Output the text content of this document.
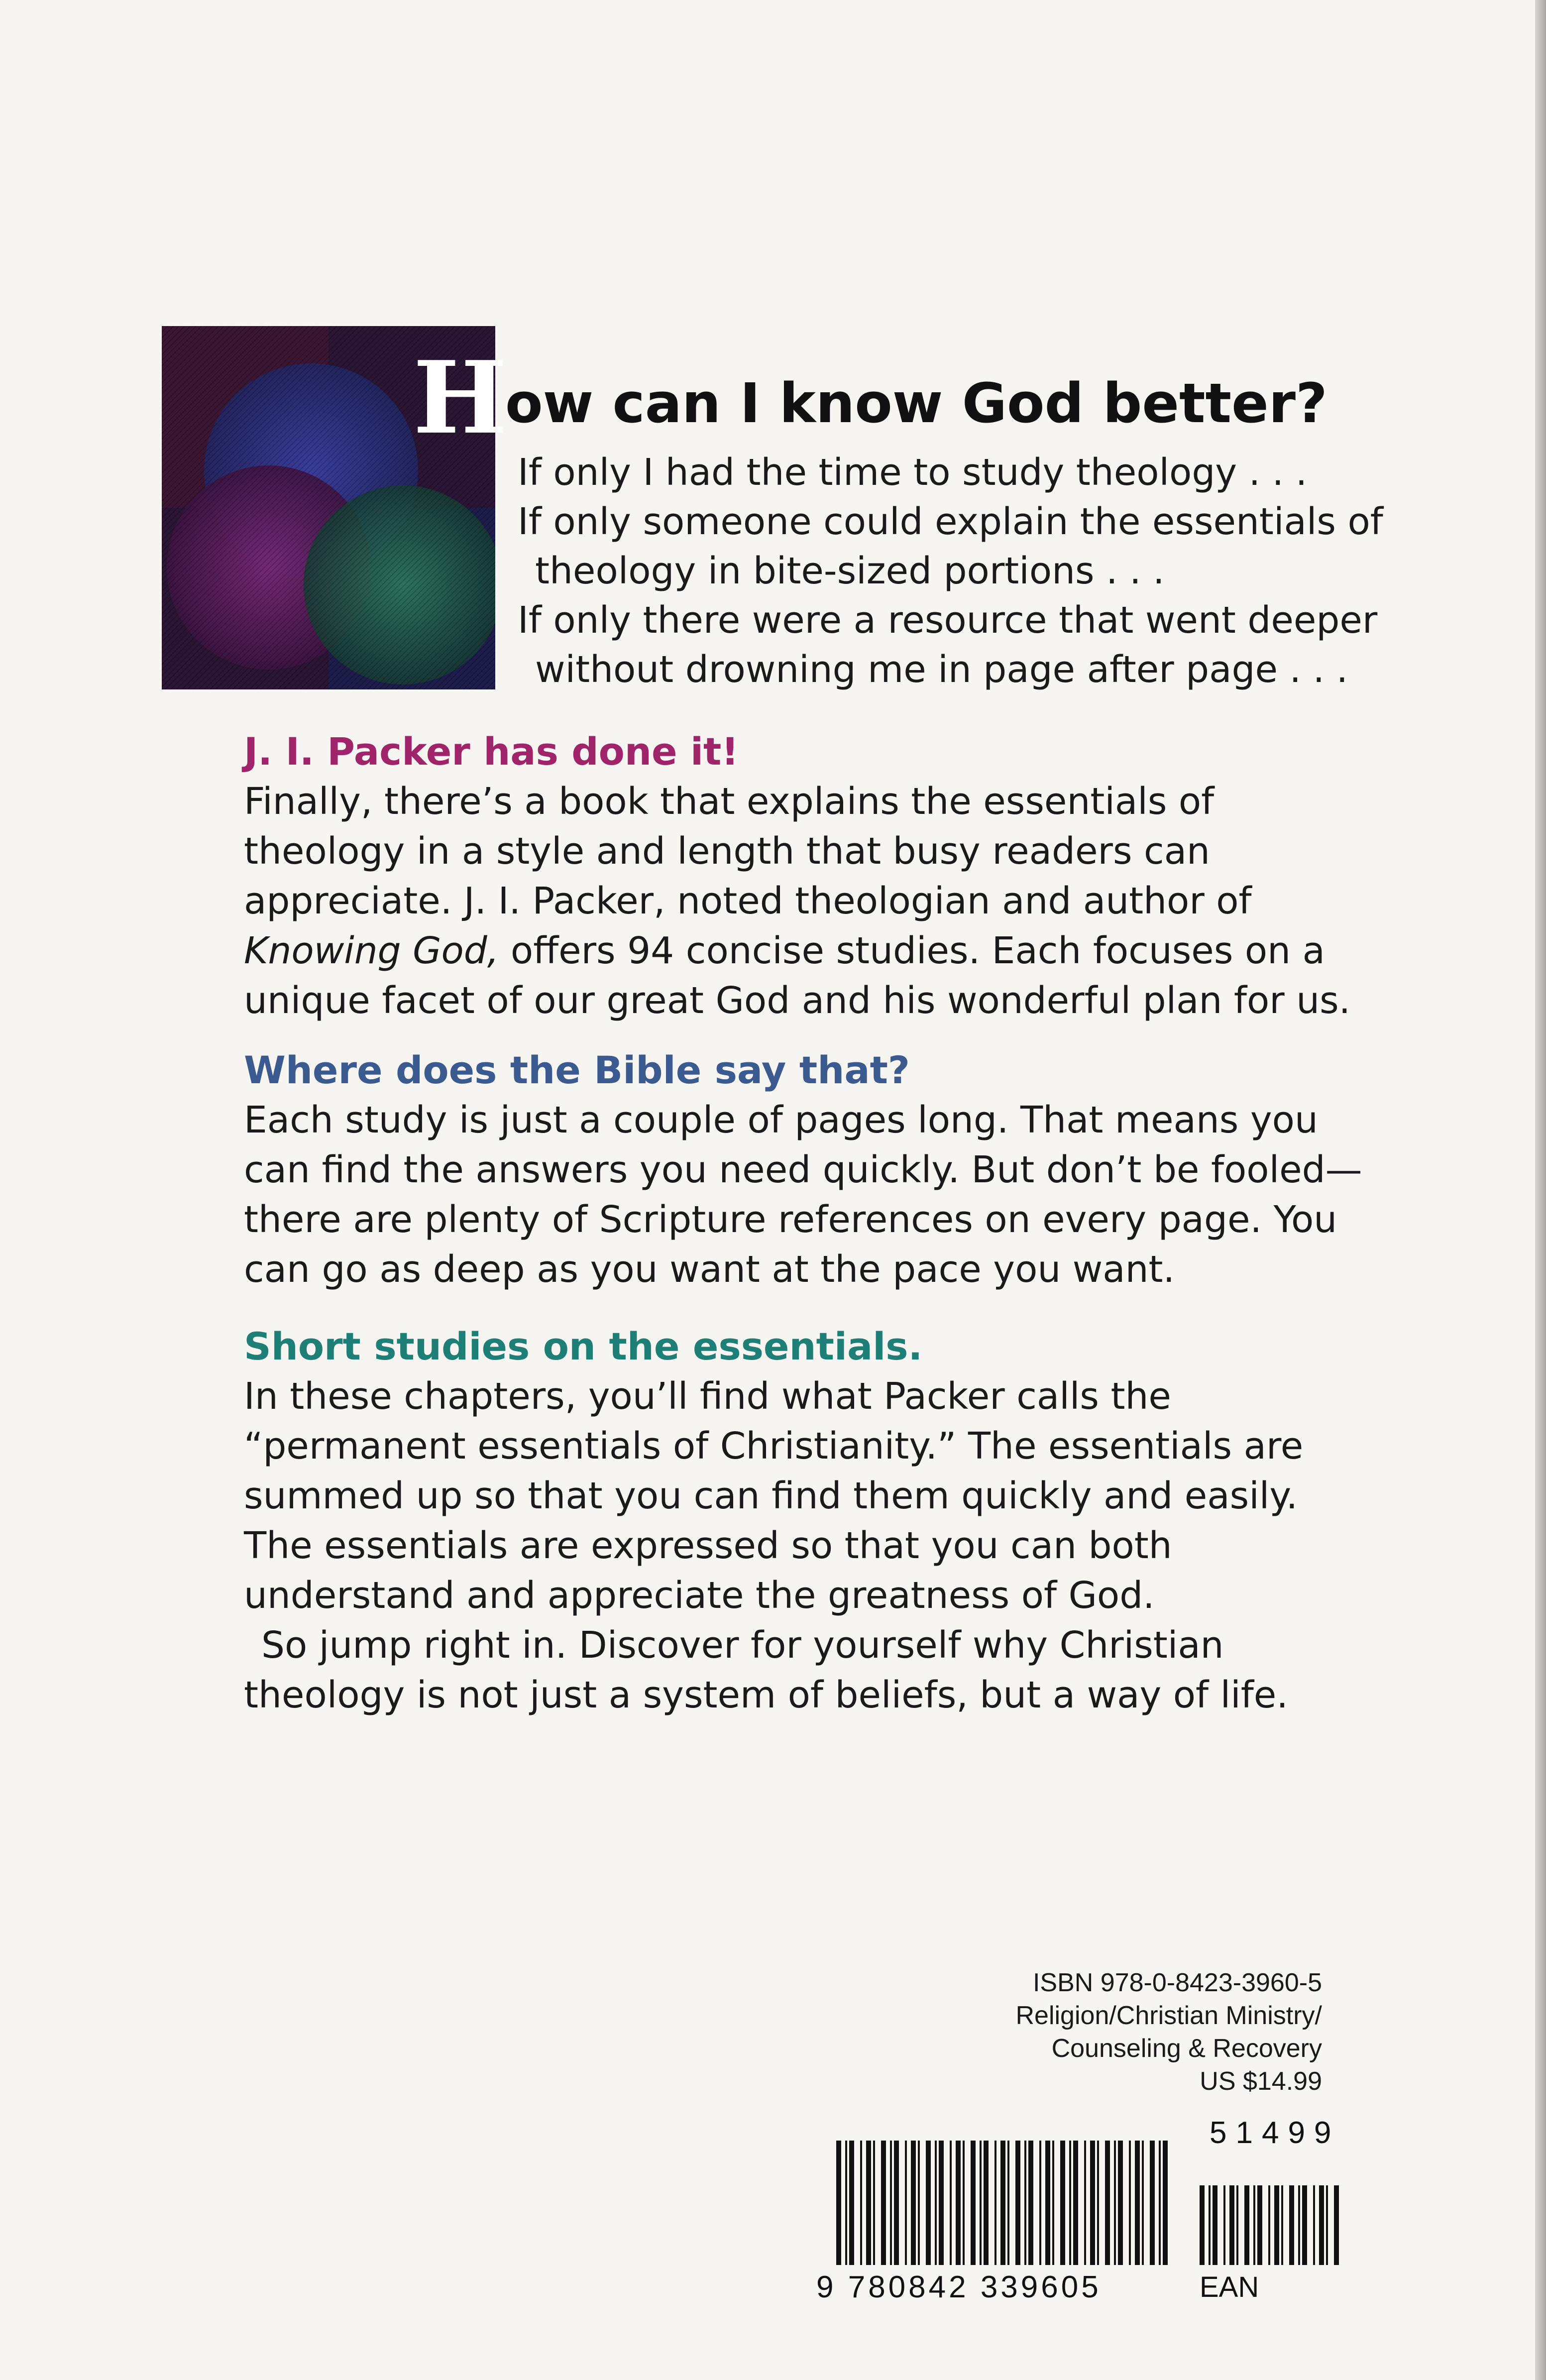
H
ow can I know God better?
If only I had the time to study theology . . .
If only someone could explain the essentials of
theology in bite-sized portions . . .
If only there were a resource that went deeper
without drowning me in page after page . . .
J. I. Packer has done it!

Finally, there’s a book that explains the essentials of theology in a style and length that busy readers can appreciate. J. I. Packer, noted theologian and author of Knowing God, offers 94 concise studies. Each focuses on a unique facet of our great God and his wonderful plan for us.

Where does the Bible say that?

Each study is just a couple of pages long. That means you can find the answers you need quickly. But don’t be fooled—there are plenty of Scripture references on every page. You can go as deep as you want at the pace you want.

Short studies on the essentials.

In these chapters, you’ll find what Packer calls the “permanent essentials of Christianity.” The essentials are summed up so that you can find them quickly and easily. The essentials are expressed so that you can both understand and appreciate the greatness of God.

So jump right in. Discover for yourself why Christian theology is not just a system of beliefs, but a way of life.

ISBN 978-0-8423-3960-5
Religion/Christian Ministry/
Counseling & Recovery
US $14.99
51499
9 780842 339605	EAN
